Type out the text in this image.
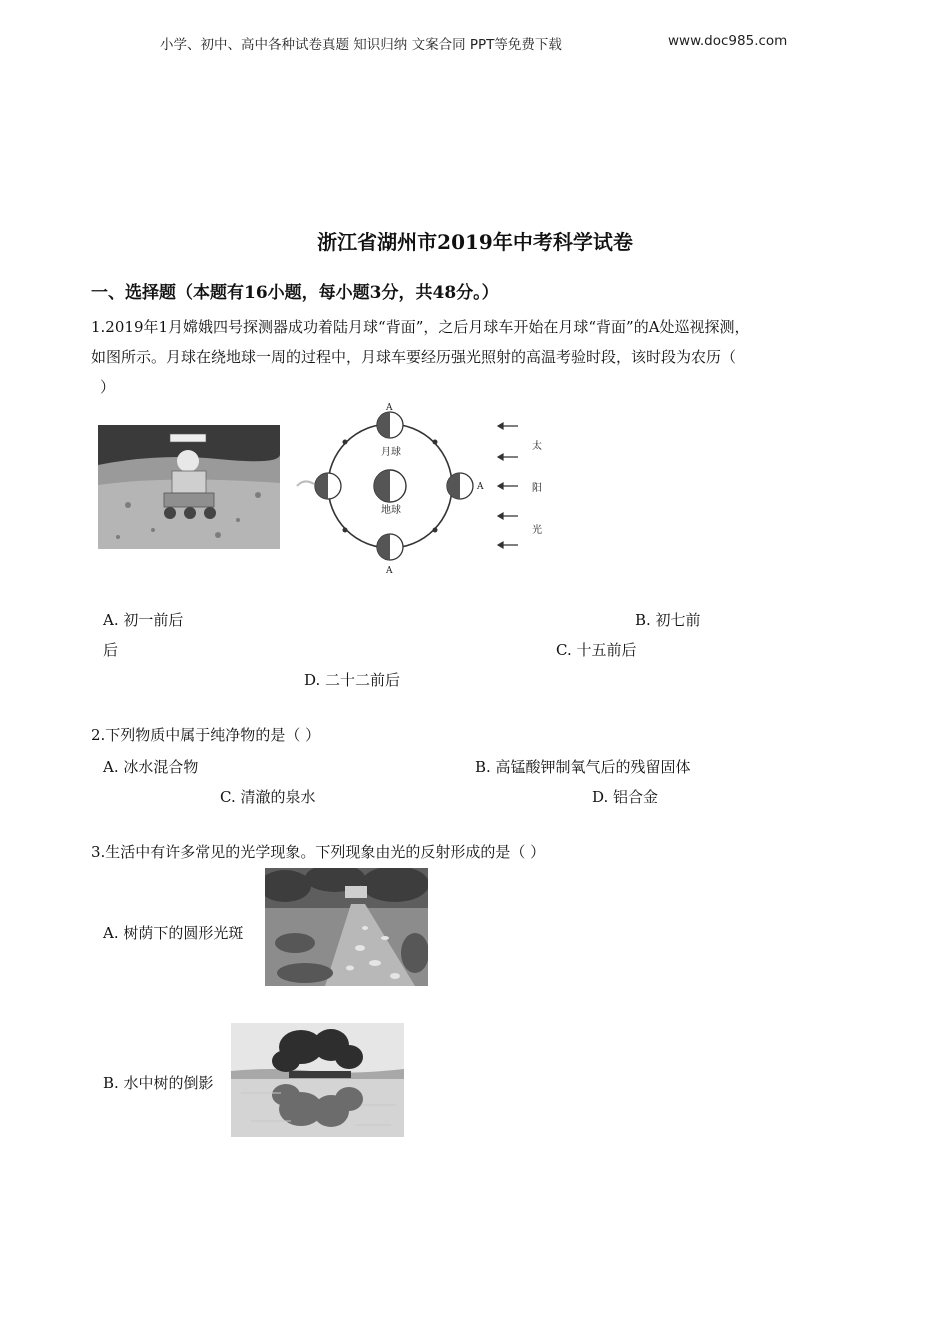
小学、初中、高中各种试卷真题 知识归纳 文案合同 PPT等免费下载	www.doc985.com
浙江省湖州市2019年中考科学试卷
一、选择题（本题有16小题，每小题3分，共48分。）
1.2019年1月嫦娥四号探测器成功着陆月球“背面”，之后月球车开始在月球“背面”的A处巡视探测，
如图所示。月球在绕地球一周的过程中，月球车要经历强光照射的高温考验时段，该时段为农历（
）
地球
A
月球
A
A
太
阳
光
A. 初一前后	B. 初七前
后	C. 十五前后
D. 二十二前后
2.下列物质中属于纯净物的是（ ）
A. 冰水混合物	B. 高锰酸钾制氧气后的残留固体
C. 清澈的泉水	D. 铝合金
3.生活中有许多常见的光学现象。下列现象由光的反射形成的是（ ）
A. 树荫下的圆形光斑
B. 水中树的倒影
